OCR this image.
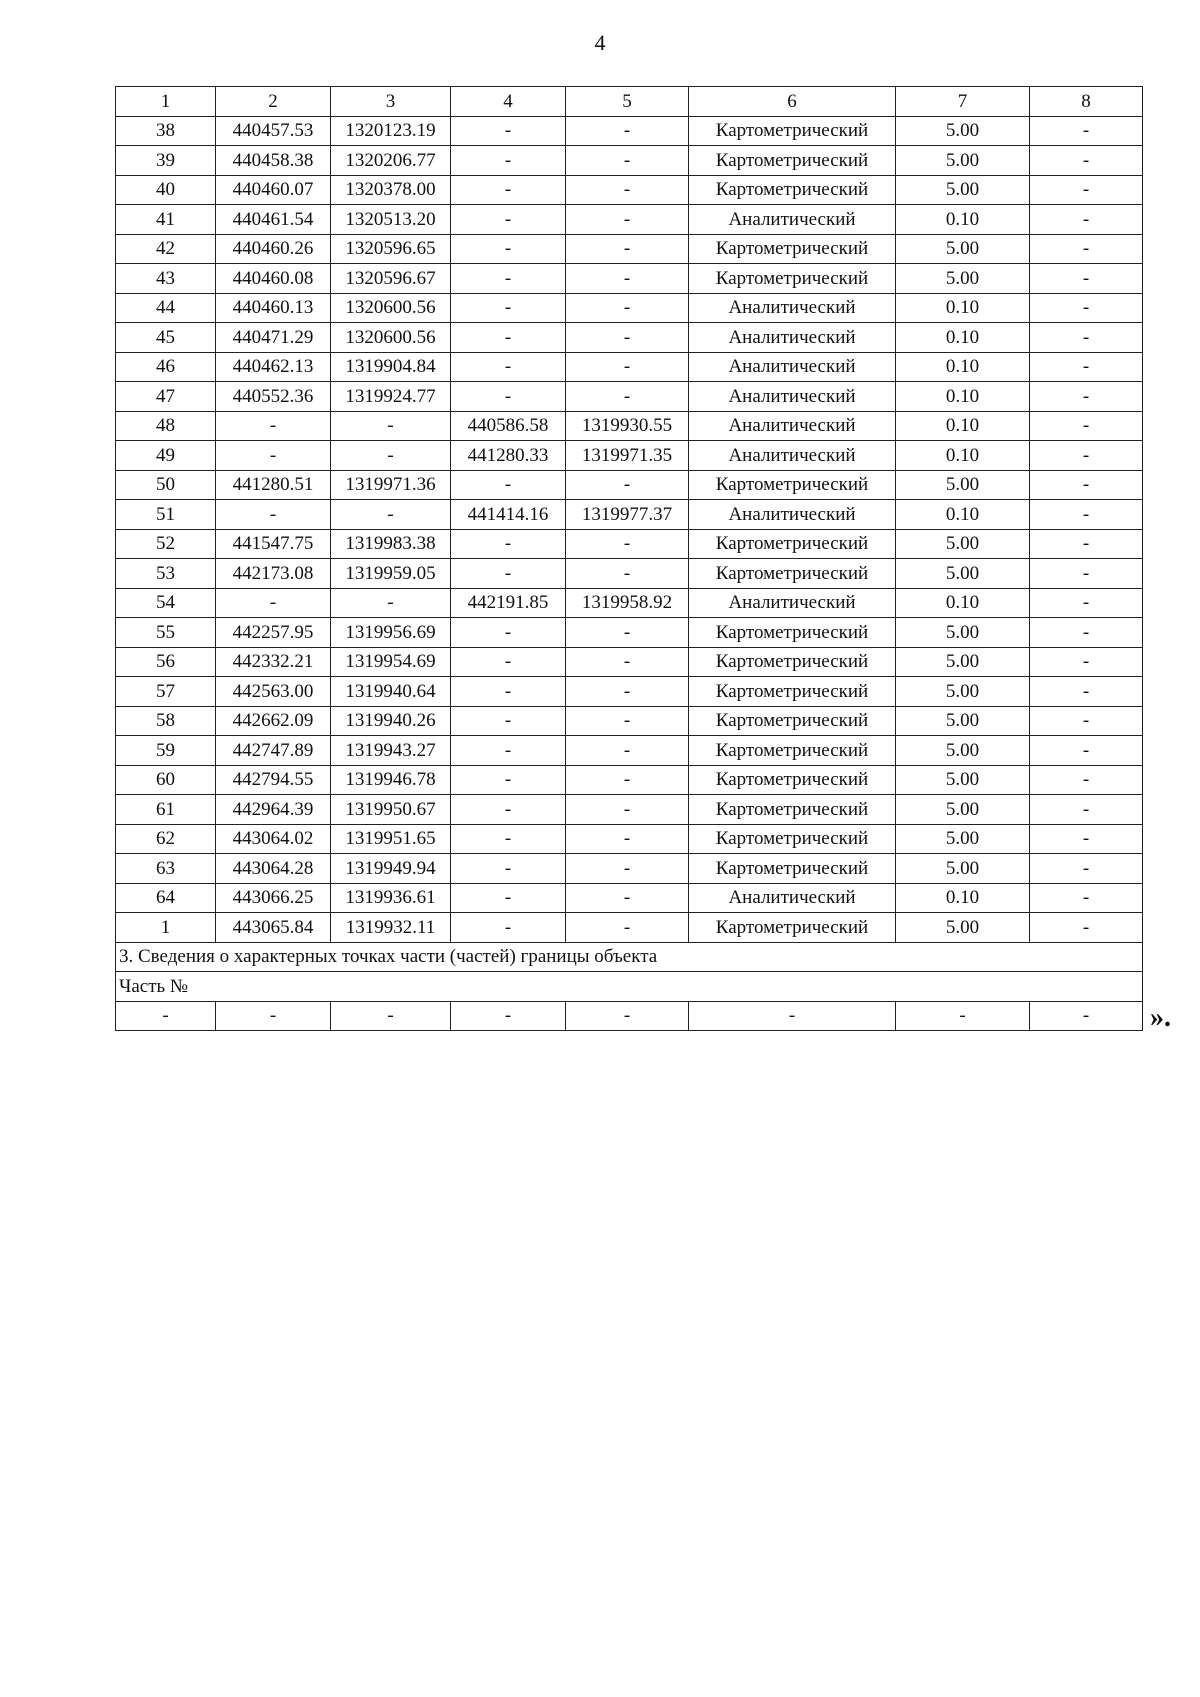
4
1	2	3	4	5	6	7	8
38	440457.53	1320123.19	-	-	Картометрический	5.00	-
39	440458.38	1320206.77	-	-	Картометрический	5.00	-
40	440460.07	1320378.00	-	-	Картометрический	5.00	-
41	440461.54	1320513.20	-	-	Аналитический	0.10	-
42	440460.26	1320596.65	-	-	Картометрический	5.00	-
43	440460.08	1320596.67	-	-	Картометрический	5.00	-
44	440460.13	1320600.56	-	-	Аналитический	0.10	-
45	440471.29	1320600.56	-	-	Аналитический	0.10	-
46	440462.13	1319904.84	-	-	Аналитический	0.10	-
47	440552.36	1319924.77	-	-	Аналитический	0.10	-
48	-	-	440586.58	1319930.55	Аналитический	0.10	-
49	-	-	441280.33	1319971.35	Аналитический	0.10	-
50	441280.51	1319971.36	-	-	Картометрический	5.00	-
51	-	-	441414.16	1319977.37	Аналитический	0.10	-
52	441547.75	1319983.38	-	-	Картометрический	5.00	-
53	442173.08	1319959.05	-	-	Картометрический	5.00	-
54	-	-	442191.85	1319958.92	Аналитический	0.10	-
55	442257.95	1319956.69	-	-	Картометрический	5.00	-
56	442332.21	1319954.69	-	-	Картометрический	5.00	-
57	442563.00	1319940.64	-	-	Картометрический	5.00	-
58	442662.09	1319940.26	-	-	Картометрический	5.00	-
59	442747.89	1319943.27	-	-	Картометрический	5.00	-
60	442794.55	1319946.78	-	-	Картометрический	5.00	-
61	442964.39	1319950.67	-	-	Картометрический	5.00	-
62	443064.02	1319951.65	-	-	Картометрический	5.00	-
63	443064.28	1319949.94	-	-	Картометрический	5.00	-
64	443066.25	1319936.61	-	-	Аналитический	0.10	-
1	443065.84	1319932.11	-	-	Картометрический	5.00	-
3. Сведения о характерных точках части (частей) границы объекта							
Часть №							
-	-	-	-	-	-	-	- ».
